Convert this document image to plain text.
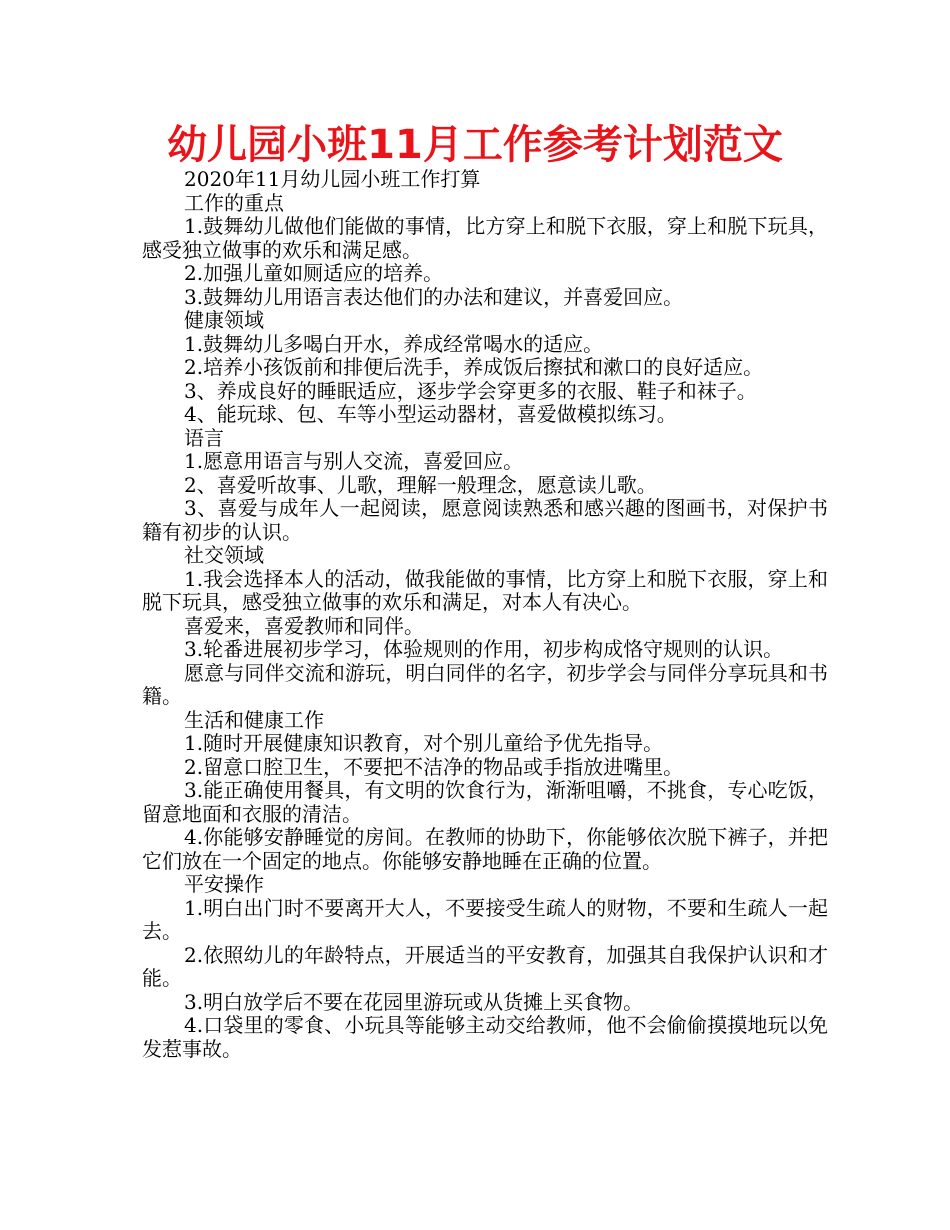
幼儿园小班11月工作参考计划范文

2020年11月幼儿园小班工作打算

工作的重点

1.鼓舞幼儿做他们能做的事情，比方穿上和脱下衣服，穿上和脱下玩具，感受独立做事的欢乐和满足感。

2.加强儿童如厕适应的培养。

3.鼓舞幼儿用语言表达他们的办法和建议，并喜爱回应。

健康领域

1.鼓舞幼儿多喝白开水，养成经常喝水的适应。

2.培养小孩饭前和排便后洗手，养成饭后擦拭和漱口的良好适应。

3、养成良好的睡眠适应，逐步学会穿更多的衣服、鞋子和袜子。

4、能玩球、包、车等小型运动器材，喜爱做模拟练习。

语言

1.愿意用语言与别人交流，喜爱回应。

2、喜爱听故事、儿歌，理解一般理念，愿意读儿歌。

3、喜爱与成年人一起阅读，愿意阅读熟悉和感兴趣的图画书，对保护书籍有初步的认识。

社交领域

1.我会选择本人的活动，做我能做的事情，比方穿上和脱下衣服，穿上和脱下玩具，感受独立做事的欢乐和满足，对本人有决心。

喜爱来，喜爱教师和同伴。

3.轮番进展初步学习，体验规则的作用，初步构成恪守规则的认识。

愿意与同伴交流和游玩，明白同伴的名字，初步学会与同伴分享玩具和书籍。

生活和健康工作

1.随时开展健康知识教育，对个别儿童给予优先指导。

2.留意口腔卫生，不要把不洁净的物品或手指放进嘴里。

3.能正确使用餐具，有文明的饮食行为，渐渐咀嚼，不挑食，专心吃饭，留意地面和衣服的清洁。

4.你能够安静睡觉的房间。在教师的协助下，你能够依次脱下裤子，并把它们放在一个固定的地点。你能够安静地睡在正确的位置。

平安操作

1.明白出门时不要离开大人，不要接受生疏人的财物，不要和生疏人一起去。

2.依照幼儿的年龄特点，开展适当的平安教育，加强其自我保护认识和才能。

3.明白放学后不要在花园里游玩或从货摊上买食物。

4.口袋里的零食、小玩具等能够主动交给教师，他不会偷偷摸摸地玩以免发惹事故。
